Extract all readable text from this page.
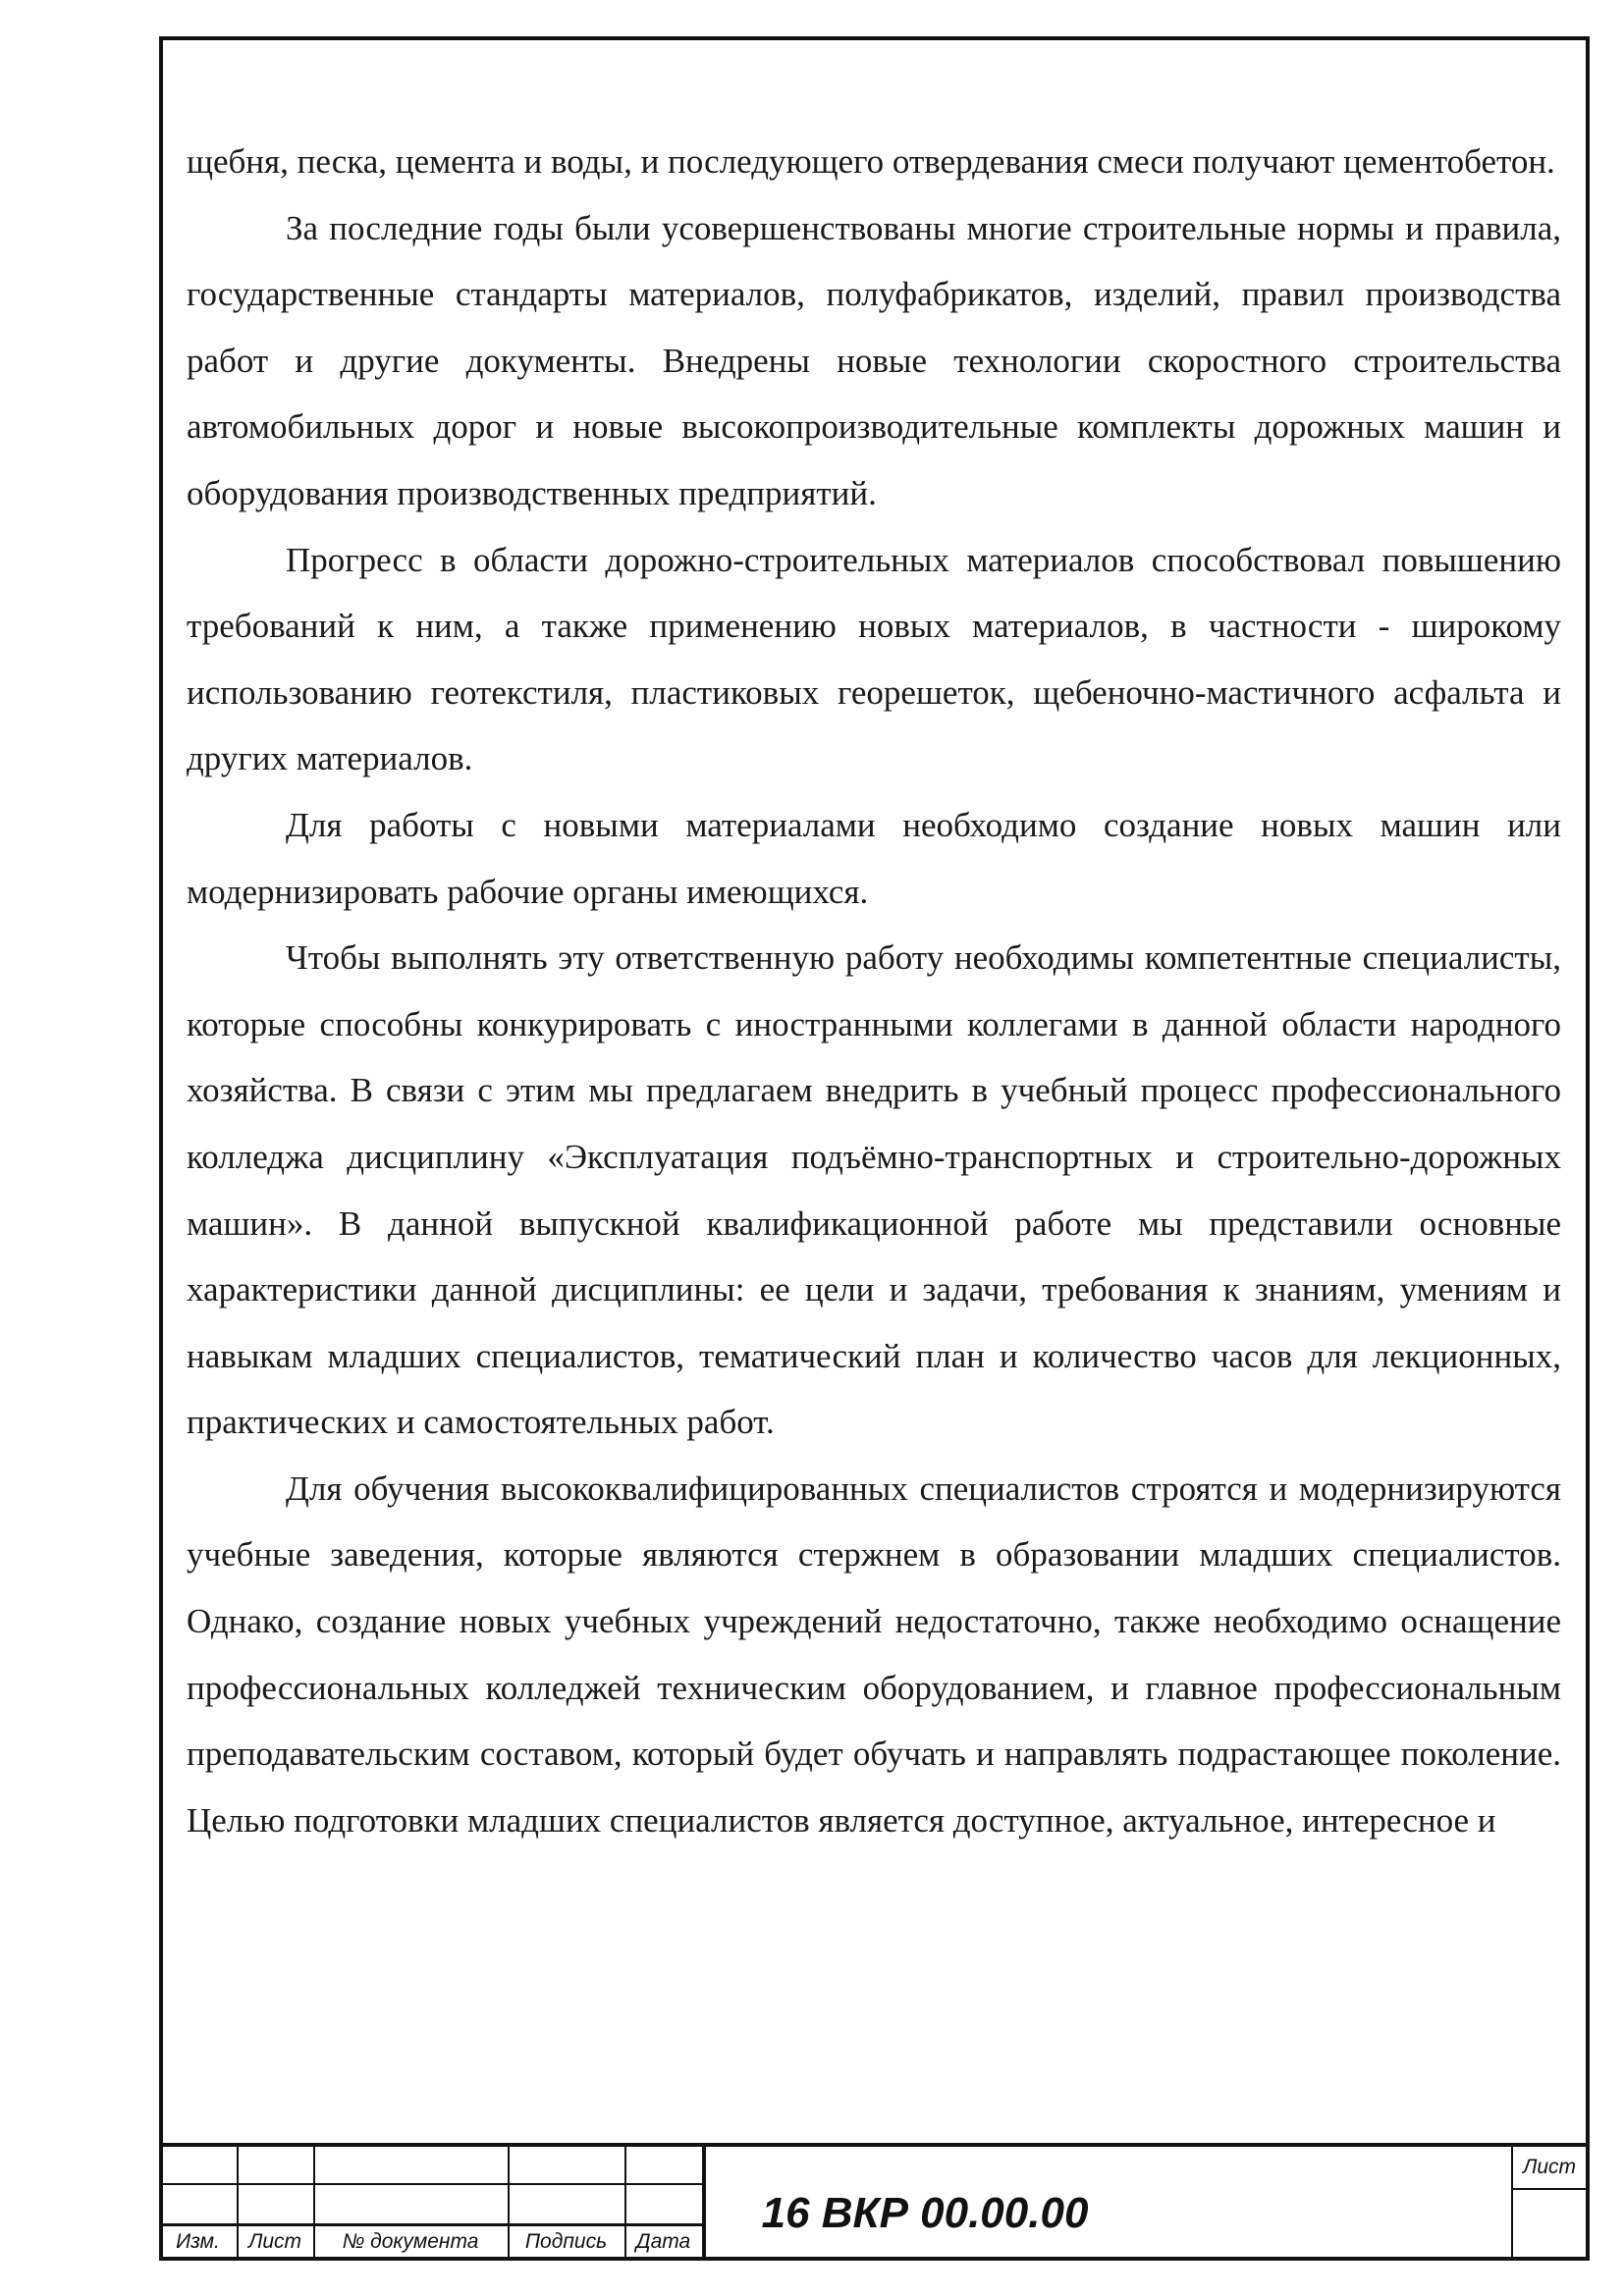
щебня, песка, цемента и воды, и последующего отвердевания смеси получают цементобетон.

За последние годы были усовершенствованы многие строительные нормы и правила, государственные стандарты материалов, полуфабрикатов, изделий, правил производства работ и другие документы. Внедрены новые технологии скоростного строительства автомобильных дорог и новые высокопроизводительные комплекты дорожных машин и оборудования производственных предприятий.

Прогресс в области дорожно-строительных материалов способствовал повышению требований к ним, а также применению новых материалов, в частности - широкому использованию геотекстиля, пластиковых георешеток, щебеночно-мастичного асфальта и других материалов.

Для работы с новыми материалами необходимо создание новых машин или модернизировать рабочие органы имеющихся.

Чтобы выполнять эту ответственную работу необходимы компетентные специалисты, которые способны конкурировать с иностранными коллегами в данной области народного хозяйства. В связи с этим мы предлагаем внедрить в учебный процесс профессионального колледжа дисциплину «Эксплуатация подъёмно-транспортных и строительно-дорожных машин». В данной выпускной квалификационной работе мы представили основные характеристики данной дисциплины: ее цели и задачи, требования к знаниям, умениям и навыкам младших специалистов, тематический план и количество часов для лекционных, практических и самостоятельных работ.

Для обучения высококвалифицированных специалистов строятся и модернизируются учебные заведения, которые являются стержнем в образовании младших специалистов. Однако, создание новых учебных учреждений недостаточно, также необходимо оснащение профессиональных колледжей техническим оборудованием, и главное профессиональным преподавательским составом, который будет обучать и направлять подрастающее поколение. Целью подготовки младших специалистов является доступное, актуальное, интересное и

Изм.	Лист	№ документа	Подпись	Дата
16 ВКР 00.00.00
Лист
